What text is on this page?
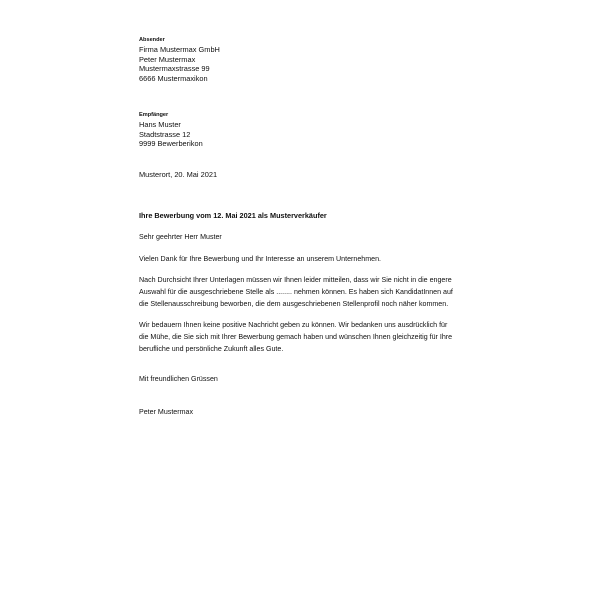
Absender
Firma Mustermax GmbH
Peter Mustermax
Mustermaxstrasse 99
6666 Mustermaxikon
Empfänger
Hans Muster
Stadtstrasse 12
9999 Bewerberikon
Musterort, 20. Mai 2021
Ihre Bewerbung vom 12. Mai 2021 als Musterverkäufer
Sehr geehrter Herr Muster
Vielen Dank für Ihre Bewerbung und Ihr Interesse an unserem Unternehmen.
Nach Durchsicht Ihrer Unterlagen müssen wir Ihnen leider mitteilen, dass wir Sie nicht in die engere
Auswahl für die ausgeschriebene Stelle als ........ nehmen können. Es haben sich KandidatInnen auf
die Stellenausschreibung beworben, die dem ausgeschriebenen Stellenprofil noch näher kommen.
Wir bedauern Ihnen keine positive Nachricht geben zu können. Wir bedanken uns ausdrücklich für
die Mühe, die Sie sich mit Ihrer Bewerbung gemach haben und wünschen Ihnen gleichzeitig für Ihre
berufliche und persönliche Zukunft alles Gute.
Mit freundlichen Grüssen
Peter Mustermax
